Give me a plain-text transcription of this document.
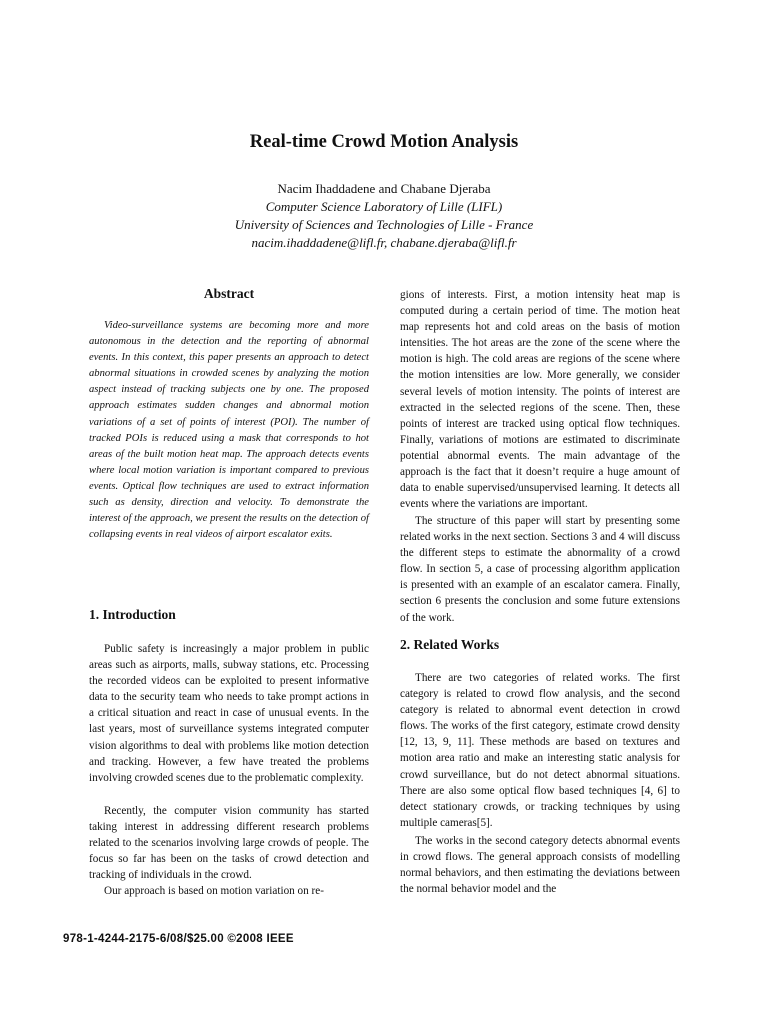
Real-time Crowd Motion Analysis
Nacim Ihaddadene and Chabane Djeraba
Computer Science Laboratory of Lille (LIFL)
University of Sciences and Technologies of Lille - France
nacim.ihaddadene@lifl.fr, chabane.djeraba@lifl.fr
Abstract

Video-surveillance systems are becoming more and more autonomous in the detection and the reporting of abnormal events. In this context, this paper presents an approach to detect abnormal situations in crowded scenes by analyzing the motion aspect instead of tracking subjects one by one. The proposed approach estimates sudden changes and abnormal motion variations of a set of points of interest (POI). The number of tracked POIs is reduced using a mask that corresponds to hot areas of the built motion heat map. The approach detects events where local motion variation is important compared to previous events. Optical flow techniques are used to extract information such as density, direction and velocity. To demonstrate the interest of the approach, we present the results on the detection of collapsing events in real videos of airport escalator exits.

1. Introduction

Public safety is increasingly a major problem in public areas such as airports, malls, subway stations, etc. Processing the recorded videos can be exploited to present informative data to the security team who needs to take prompt actions in a critical situation and react in case of unusual events. In the last years, most of surveillance systems integrated computer vision algorithms to deal with problems like motion detection and tracking. However, a few have treated the problems involving crowded scenes due to the problematic complexity.

Recently, the computer vision community has started taking interest in addressing different research problems related to the scenarios involving large crowds of people. The focus so far has been on the tasks of crowd detection and tracking of individuals in the crowd.

Our approach is based on motion variation on re-

gions of interests. First, a motion intensity heat map is computed during a certain period of time. The motion heat map represents hot and cold areas on the basis of motion intensities. The hot areas are the zone of the scene where the motion is high. The cold areas are regions of the scene where the motion intensities are low. More generally, we consider several levels of motion intensity. The points of interest are extracted in the selected regions of the scene. Then, these points of interest are tracked using optical flow techniques. Finally, variations of motions are estimated to discriminate potential abnormal events. The main advantage of the approach is the fact that it doesn’t require a huge amount of data to enable supervised/unsupervised learning. It detects all events where the variations are important.

The structure of this paper will start by presenting some related works in the next section. Sections 3 and 4 will discuss the different steps to estimate the abnormality of a crowd flow. In section 5, a case of processing algorithm application is presented with an example of an escalator camera. Finally, section 6 presents the conclusion and some future extensions of the work.

2. Related Works

There are two categories of related works. The first category is related to crowd flow analysis, and the second category is related to abnormal event detection in crowd flows. The works of the first category, estimate crowd density [12, 13, 9, 11]. These methods are based on textures and motion area ratio and make an interesting static analysis for crowd surveillance, but do not detect abnormal situations. There are also some optical flow based techniques [4, 6] to detect stationary crowds, or tracking techniques by using multiple cameras[5].

The works in the second category detects abnormal events in crowd flows. The general approach consists of modelling normal behaviors, and then estimating the deviations between the normal behavior model and the

978-1-4244-2175-6/08/$25.00 ©2008 IEEE
